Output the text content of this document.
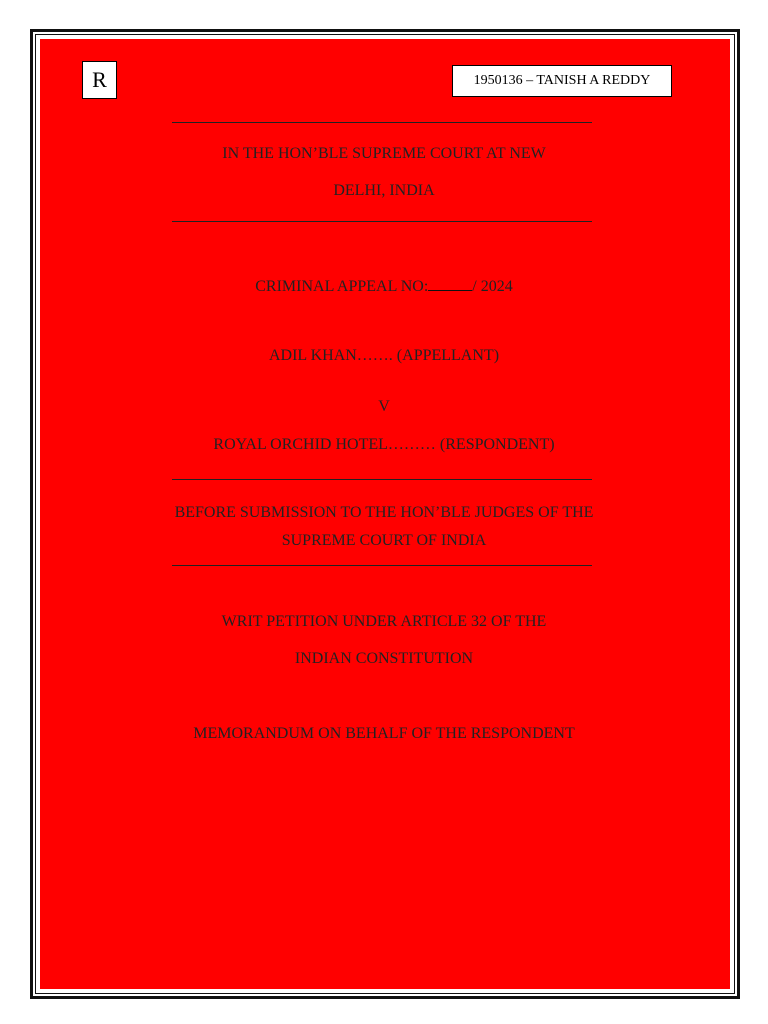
R	1950136 – TANISH A REDDY
IN THE HON’BLE SUPREME COURT AT NEW
DELHI, INDIA
CRIMINAL APPEAL NO:	/ 2024
ADIL KHAN……. (APPELLANT)
V
ROYAL ORCHID HOTEL……… (RESPONDENT)
BEFORE SUBMISSION TO THE HON’BLE JUDGES OF THE
SUPREME COURT OF INDIA
WRIT PETITION UNDER ARTICLE 32 OF THE
INDIAN CONSTITUTION
MEMORANDUM ON BEHALF OF THE RESPONDENT
